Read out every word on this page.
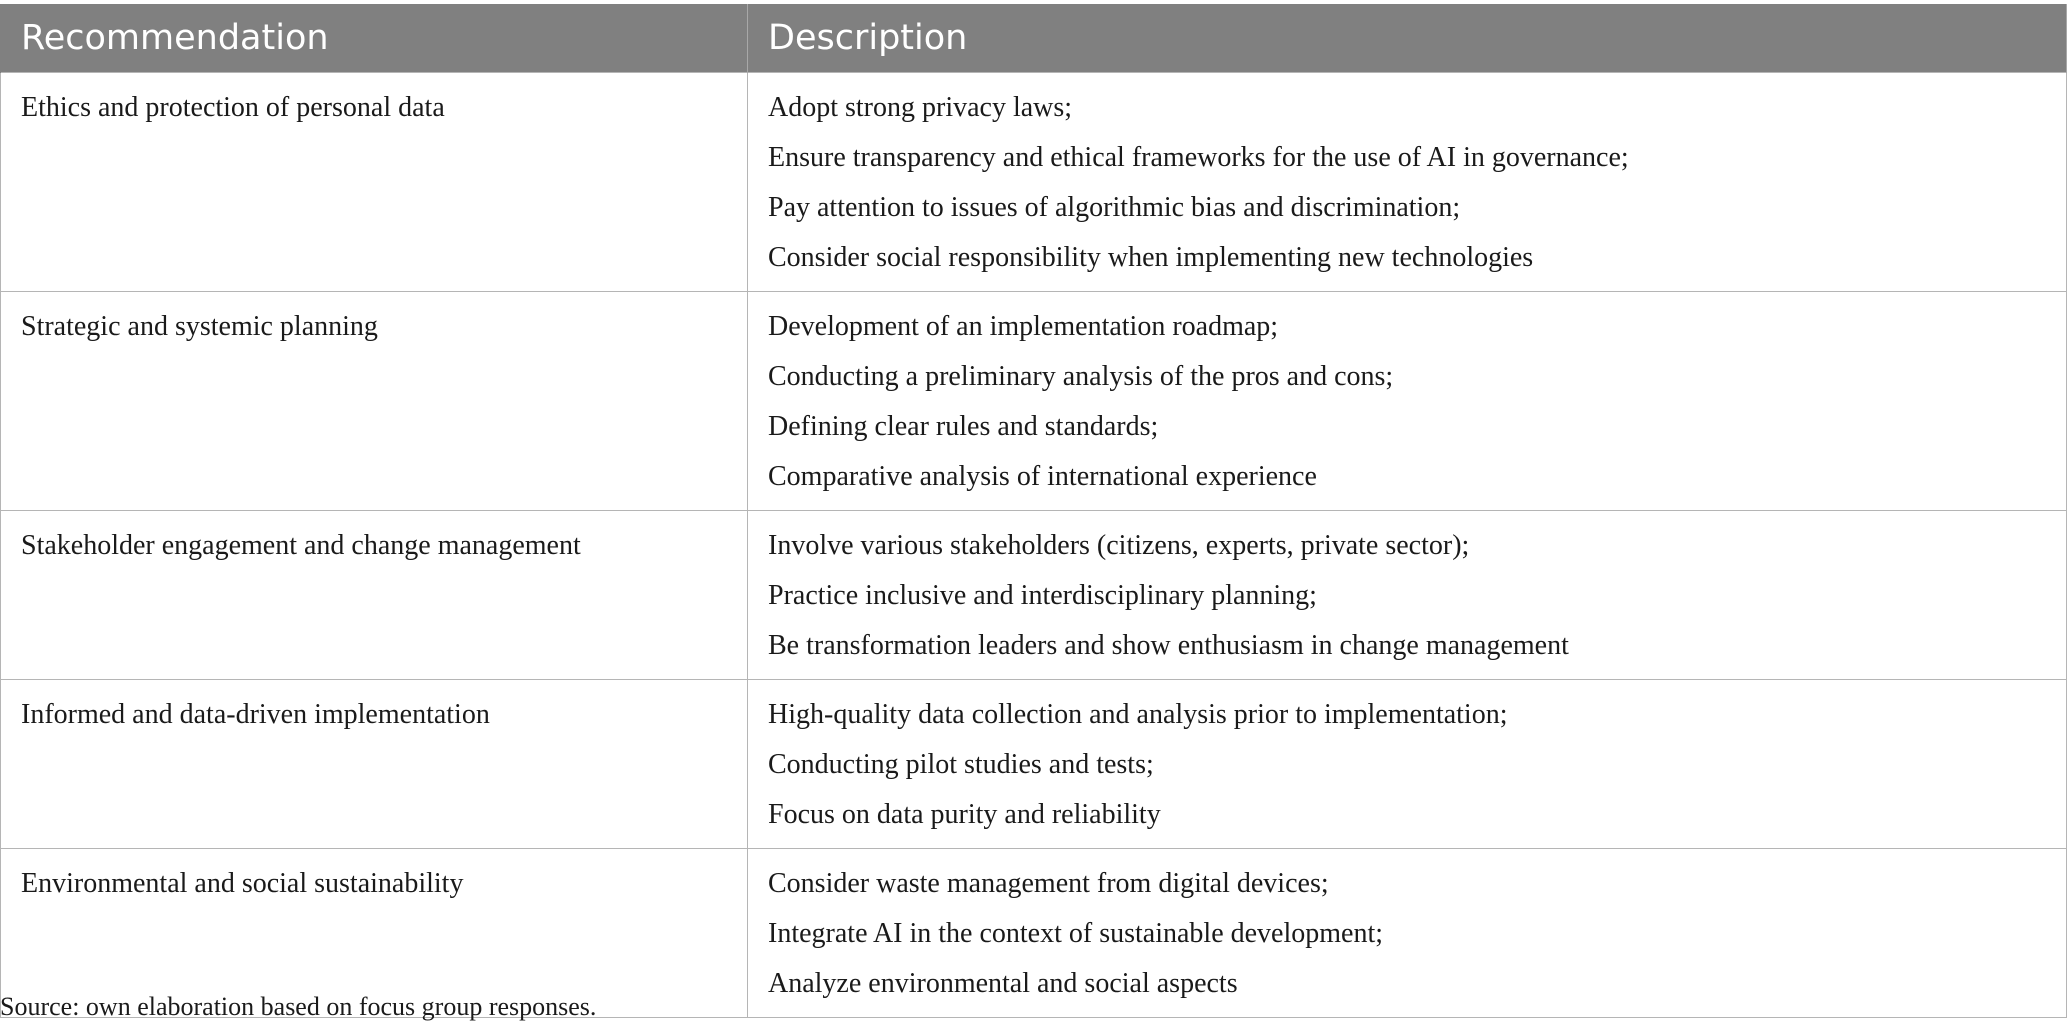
Recommendation	Description
Ethics and protection of personal data	Adopt strong privacy laws;
Ensure transparency and ethical frameworks for the use of AI in governance;
Pay attention to issues of algorithmic bias and discrimination;
Consider social responsibility when implementing new technologies

Strategic and systemic planning	Development of an implementation roadmap;
Conducting a preliminary analysis of the pros and cons;
Defining clear rules and standards;
Comparative analysis of international experience

Stakeholder engagement and change management	Involve various stakeholders (citizens, experts, private sector);
Practice inclusive and interdisciplinary planning;
Be transformation leaders and show enthusiasm in change management

Informed and data-driven implementation	High-quality data collection and analysis prior to implementation;
Conducting pilot studies and tests;
Focus on data purity and reliability

Environmental and social sustainability	Consider waste management from digital devices;
Integrate AI in the context of sustainable development;
Analyze environmental and social aspects
Source: own elaboration based on focus group responses.
